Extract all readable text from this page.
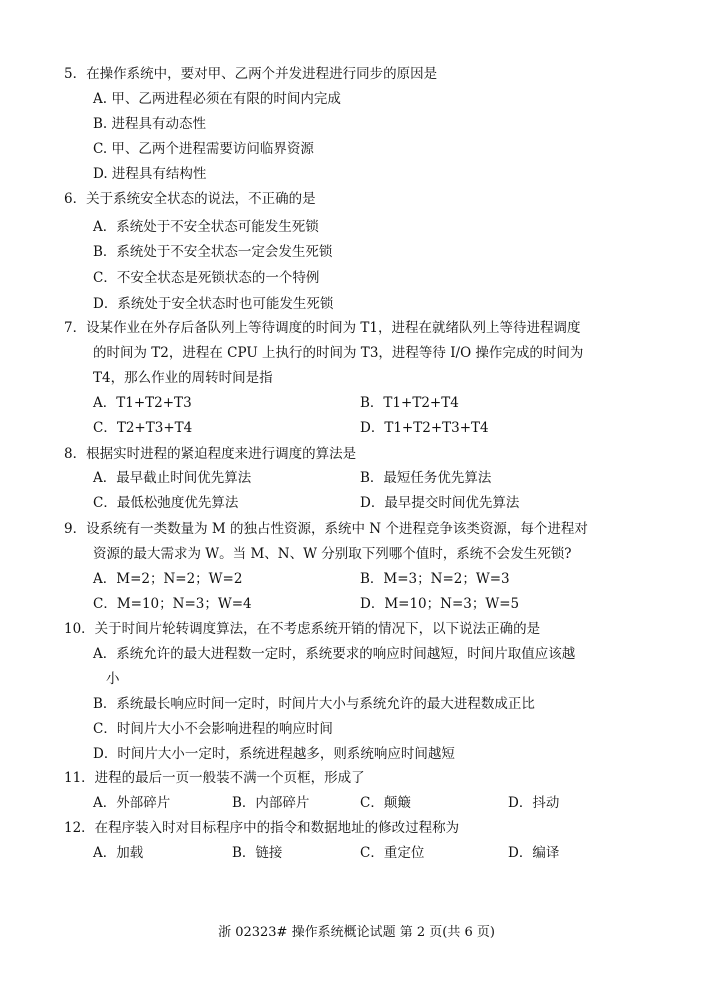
5．在操作系统中，要对甲、乙两个并发进程进行同步的原因是
A. 甲、乙两进程必须在有限的时间内完成
B. 进程具有动态性
C. 甲、乙两个进程需要访问临界资源
D. 进程具有结构性
6．关于系统安全状态的说法，不正确的是
A．系统处于不安全状态可能发生死锁
B．系统处于不安全状态一定会发生死锁
C．不安全状态是死锁状态的一个特例
D．系统处于安全状态时也可能发生死锁
7．设某作业在外存后备队列上等待调度的时间为 T1，进程在就绪队列上等待进程调度
的时间为 T2，进程在 CPU 上执行的时间为 T3，进程等待 I/O 操作完成的时间为
T4，那么作业的周转时间是指
A．T1+T2+T3	B．T1+T2+T4
C．T2+T3+T4	D．T1+T2+T3+T4
8．根据实时进程的紧迫程度来进行调度的算法是
A．最早截止时间优先算法	B．最短任务优先算法
C．最低松弛度优先算法	D．最早提交时间优先算法
9．设系统有一类数量为 M 的独占性资源，系统中 N 个进程竞争该类资源，每个进程对
资源的最大需求为 W。当 M、N、W 分别取下列哪个值时，系统不会发生死锁?
A．M=2；N=2；W=2	B．M=3；N=2；W=3
C．M=10；N=3；W=4	D．M=10；N=3；W=5
10．关于时间片轮转调度算法，在不考虑系统开销的情况下，以下说法正确的是
A．系统允许的最大进程数一定时，系统要求的响应时间越短，时间片取值应该越
小
B．系统最长响应时间一定时，时间片大小与系统允许的最大进程数成正比
C．时间片大小不会影响进程的响应时间
D．时间片大小一定时，系统进程越多，则系统响应时间越短
11．进程的最后一页一般装不满一个页框，形成了
A．外部碎片	B．内部碎片	C．颠簸	D．抖动
12．在程序装入时对目标程序中的指令和数据地址的修改过程称为
A．加载	B．链接	C．重定位	D．编译
浙 02323# 操作系统概论试题 第 2 页(共 6 页)
